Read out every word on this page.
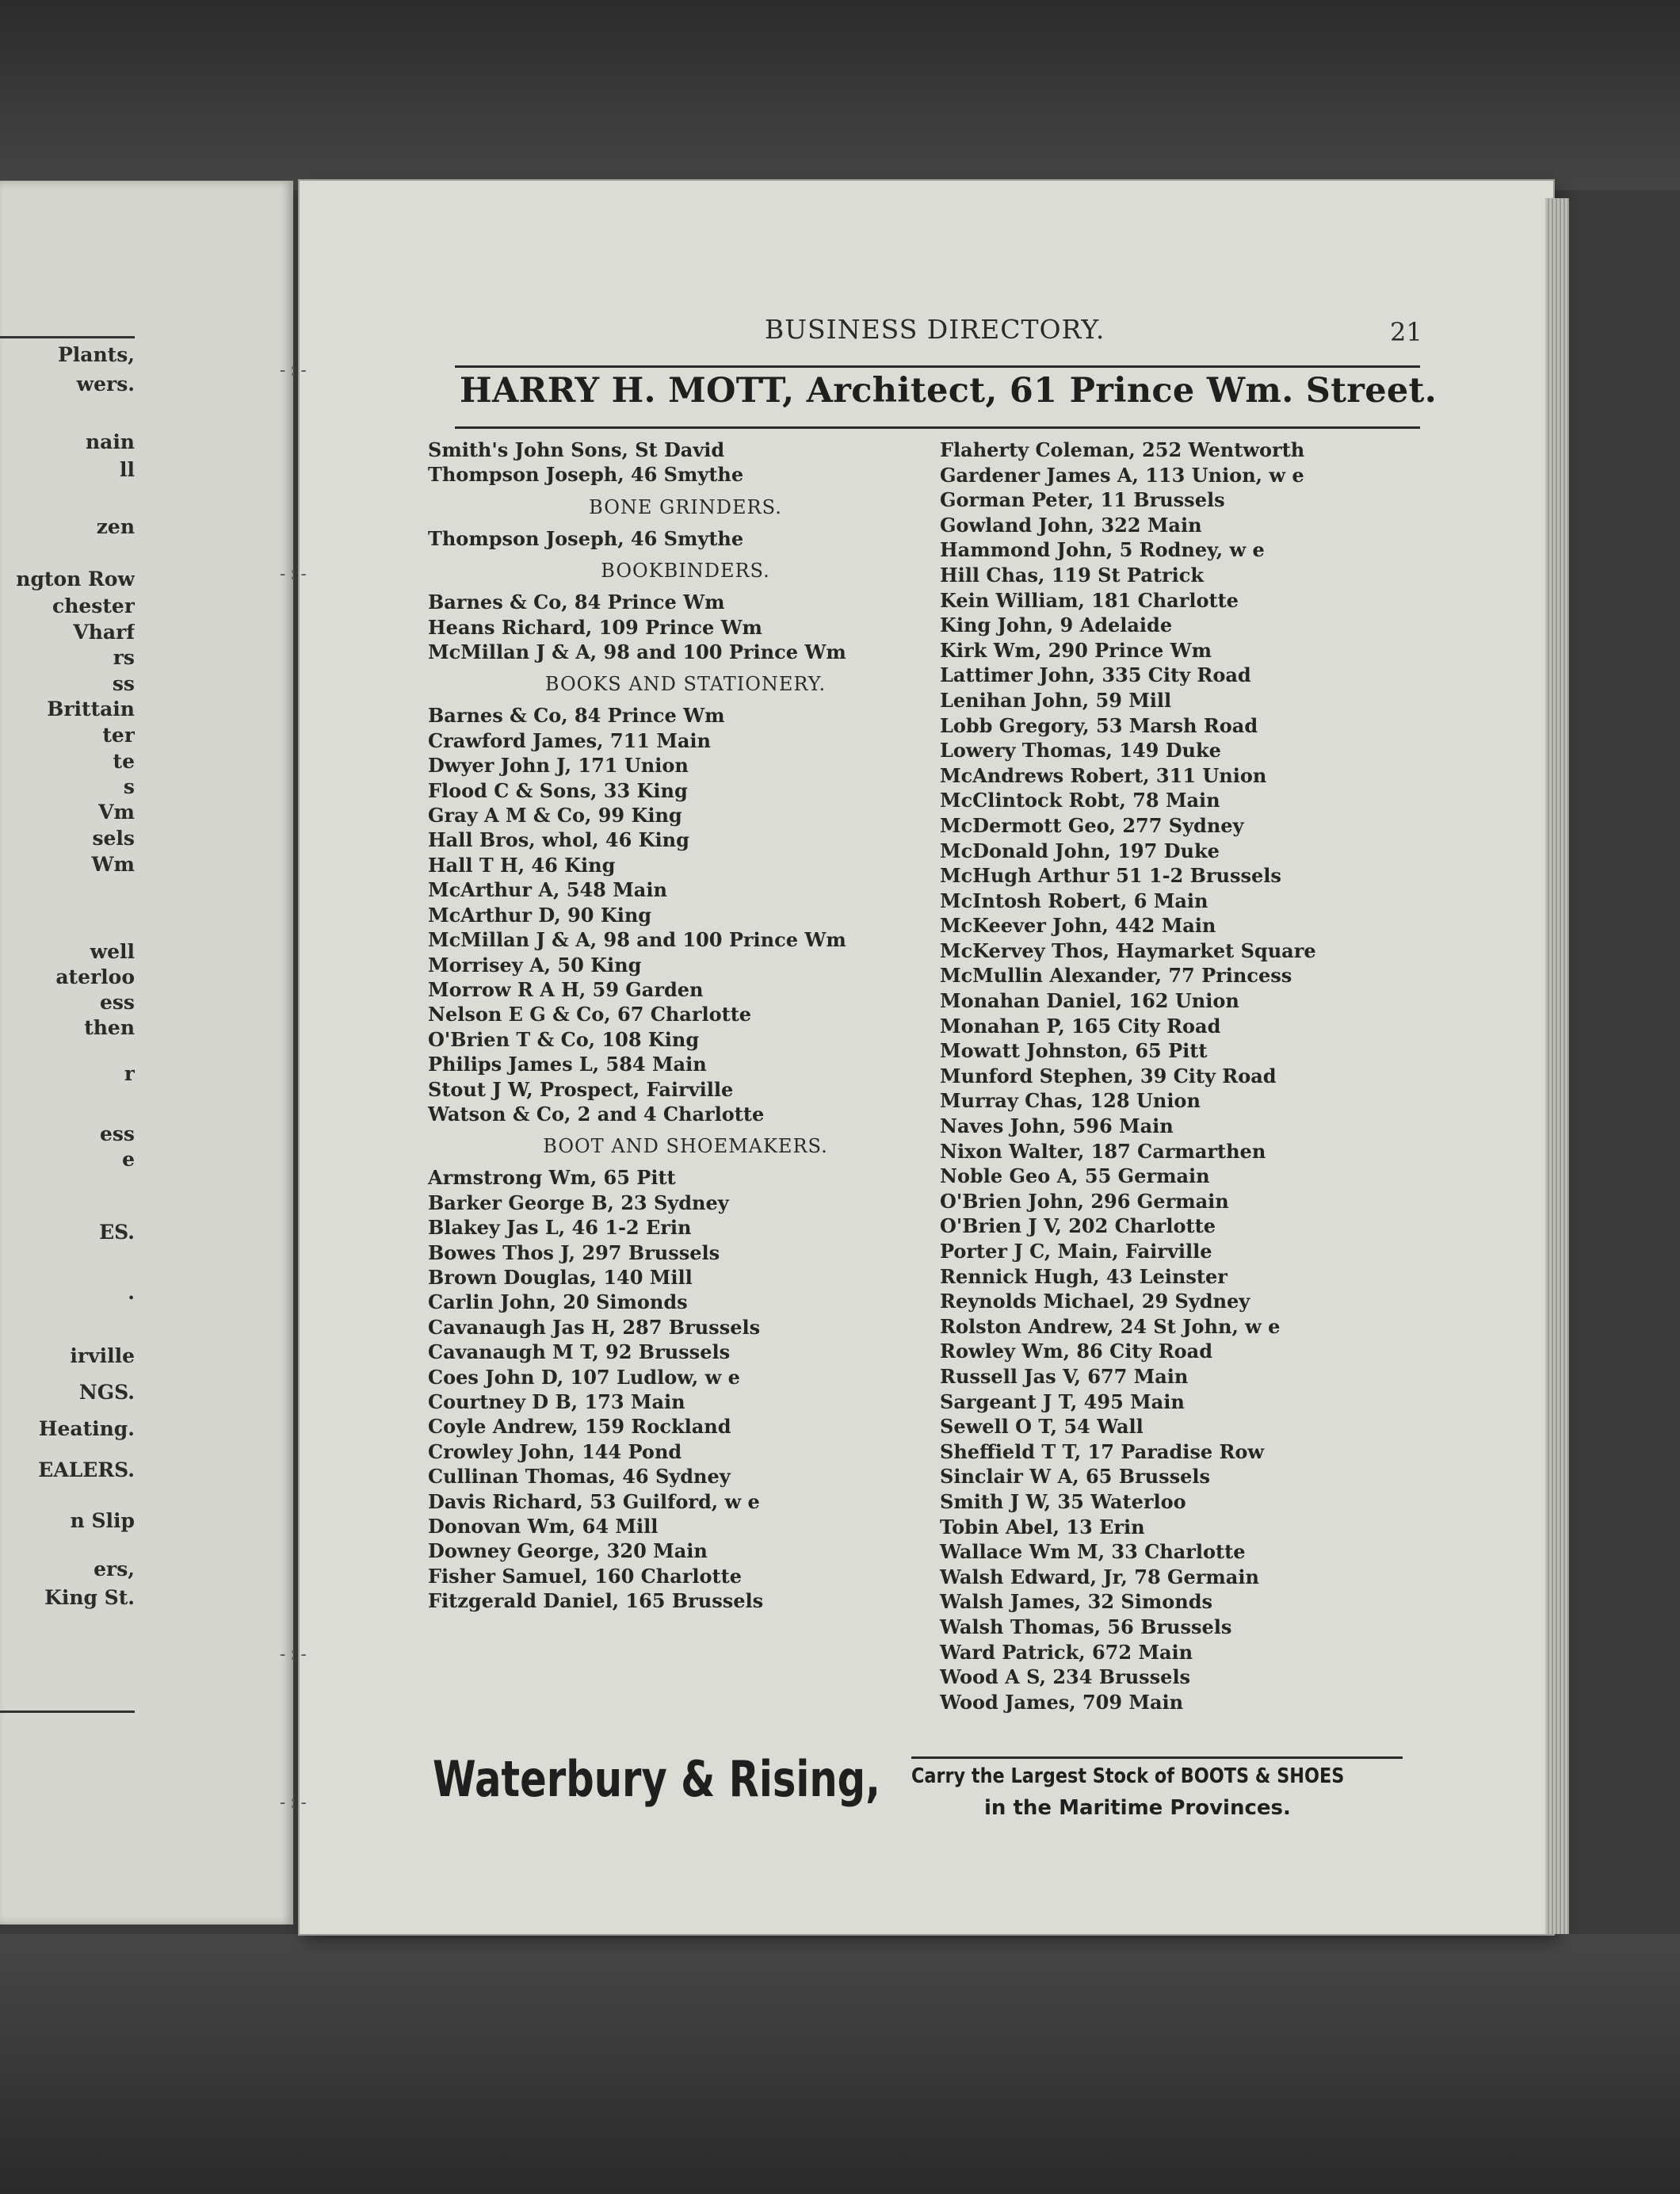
Plants,
wers.
nain
ll
zen
ngton Row
chester
Vharf
rs
ss
Brittain
ter
te
s
Vm
sels
Wm
well
aterloo
ess
then
r
ess
e
ES.
.
irville
NGS.
Heating.
EALERS.
n Slip
ers,
King St.
-:-
-:-
-:-
-:-
BUSINESS DIRECTORY.	21
HARRY H. MOTT, Architect, 61 Prince Wm. Street.
Smith's John Sons, St David
Thompson Joseph, 46 Smythe
BONE GRINDERS.
Thompson Joseph, 46 Smythe
BOOKBINDERS.
Barnes & Co, 84 Prince Wm
Heans Richard, 109 Prince Wm
McMillan J & A, 98 and 100 Prince Wm
BOOKS AND STATIONERY.
Barnes & Co, 84 Prince Wm
Crawford James, 711 Main
Dwyer John J, 171 Union
Flood C & Sons, 33 King
Gray A M & Co, 99 King
Hall Bros, whol, 46 King
Hall T H, 46 King
McArthur A, 548 Main
McArthur D, 90 King
McMillan J & A, 98 and 100 Prince Wm
Morrisey A, 50 King
Morrow R A H, 59 Garden
Nelson E G & Co, 67 Charlotte
O'Brien T & Co, 108 King
Philips James L, 584 Main
Stout J W, Prospect, Fairville
Watson & Co, 2 and 4 Charlotte
BOOT AND SHOEMAKERS.
Armstrong Wm, 65 Pitt
Barker George B, 23 Sydney
Blakey Jas L, 46 1-2 Erin
Bowes Thos J, 297 Brussels
Brown Douglas, 140 Mill
Carlin John, 20 Simonds
Cavanaugh Jas H, 287 Brussels
Cavanaugh M T, 92 Brussels
Coes John D, 107 Ludlow, w e
Courtney D B, 173 Main
Coyle Andrew, 159 Rockland
Crowley John, 144 Pond
Cullinan Thomas, 46 Sydney
Davis Richard, 53 Guilford, w e
Donovan Wm, 64 Mill
Downey George, 320 Main
Fisher Samuel, 160 Charlotte
Fitzgerald Daniel, 165 Brussels
Flaherty Coleman, 252 Wentworth
Gardener James A, 113 Union, w e
Gorman Peter, 11 Brussels
Gowland John, 322 Main
Hammond John, 5 Rodney, w e
Hill Chas, 119 St Patrick
Kein William, 181 Charlotte
King John, 9 Adelaide
Kirk Wm, 290 Prince Wm
Lattimer John, 335 City Road
Lenihan John, 59 Mill
Lobb Gregory, 53 Marsh Road
Lowery Thomas, 149 Duke
McAndrews Robert, 311 Union
McClintock Robt, 78 Main
McDermott Geo, 277 Sydney
McDonald John, 197 Duke
McHugh Arthur 51 1-2 Brussels
McIntosh Robert, 6 Main
McKeever John, 442 Main
McKervey Thos, Haymarket Square
McMullin Alexander, 77 Princess
Monahan Daniel, 162 Union
Monahan P, 165 City Road
Mowatt Johnston, 65 Pitt
Munford Stephen, 39 City Road
Murray Chas, 128 Union
Naves John, 596 Main
Nixon Walter, 187 Carmarthen
Noble Geo A, 55 Germain
O'Brien John, 296 Germain
O'Brien J V, 202 Charlotte
Porter J C, Main, Fairville
Rennick Hugh, 43 Leinster
Reynolds Michael, 29 Sydney
Rolston Andrew, 24 St John, w e
Rowley Wm, 86 City Road
Russell Jas V, 677 Main
Sargeant J T, 495 Main
Sewell O T, 54 Wall
Sheffield T T, 17 Paradise Row
Sinclair W A, 65 Brussels
Smith J W, 35 Waterloo
Tobin Abel, 13 Erin
Wallace Wm M, 33 Charlotte
Walsh Edward, Jr, 78 Germain
Walsh James, 32 Simonds
Walsh Thomas, 56 Brussels
Ward Patrick, 672 Main
Wood A S, 234 Brussels
Wood James, 709 Main
Waterbury & Rising, Carry the Largest Stock of BOOTS & SHOES
in the Maritime Provinces.
